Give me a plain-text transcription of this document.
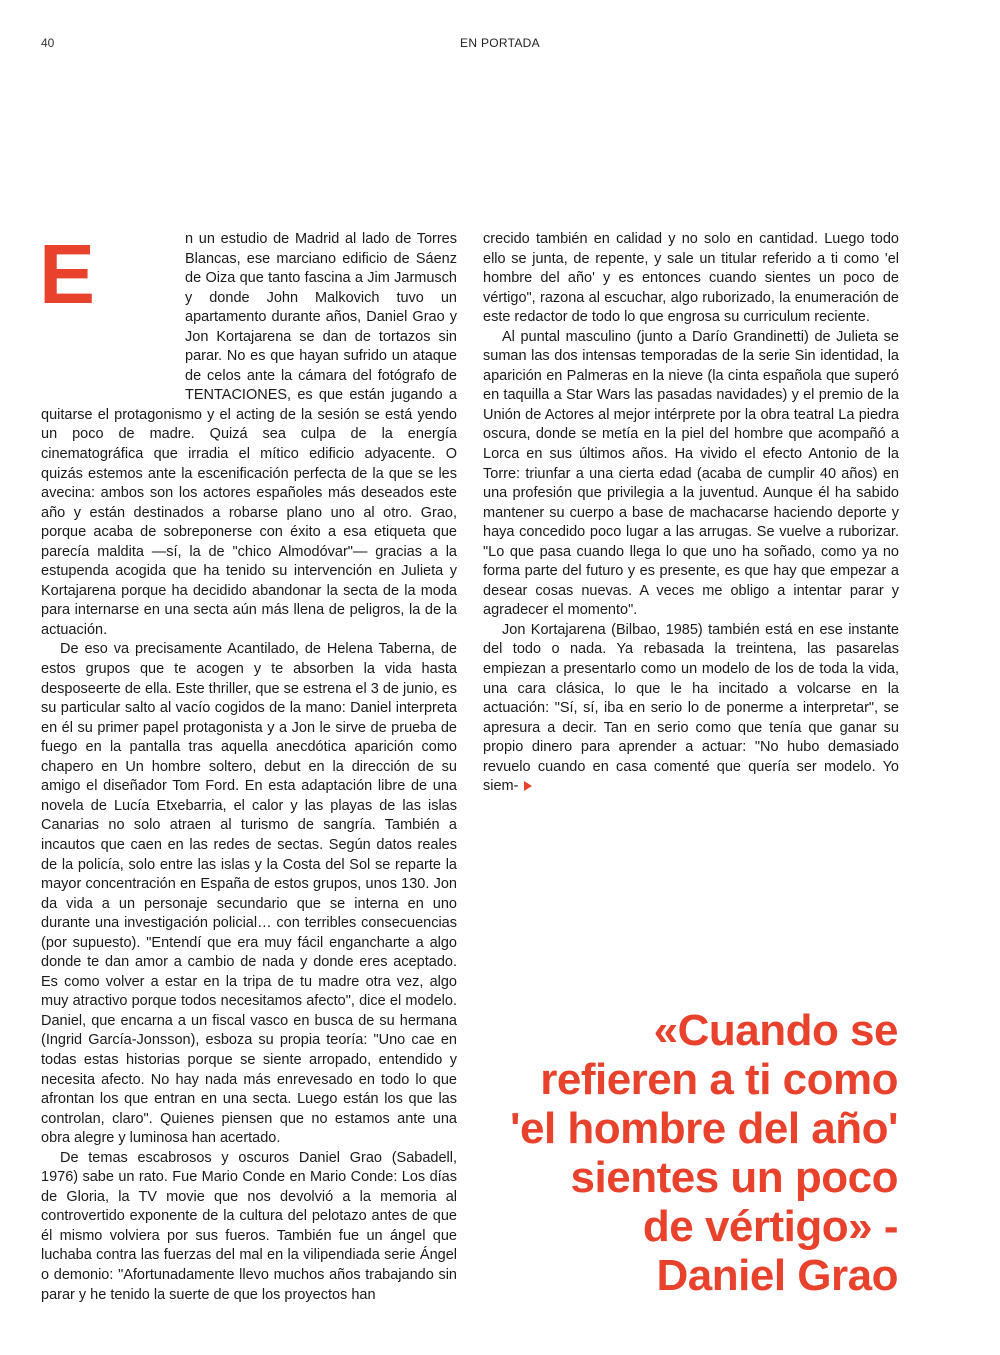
40	EN PORTADA
E	n un estudio de Madrid al lado de Torres Blancas, ese marciano edificio de Sáenz de Oiza que tanto fascina a Jim Jarmusch y donde John Malkovich tuvo un apartamento durante años, Daniel Grao y Jon Kortajarena se dan de tortazos sin parar. No es que hayan sufrido un ataque de celos ante la cámara del fotógrafo de TENTACIONES, es que están jugando a quitarse el protagonismo y el acting de la sesión se está yendo un poco de madre. Quizá sea culpa de la energía cinematográfica que irradia el mítico edificio adyacente. O quizás estemos ante la escenificación perfecta de la que se les avecina: ambos son los actores españoles más deseados este año y están destinados a robarse plano uno al otro. Grao, porque acaba de sobreponerse con éxito a esa etiqueta que parecía maldita —sí, la de "chico Almodóvar"— gracias a la estupenda acogida que ha tenido su intervención en Julieta y Kortajarena porque ha decidido abandonar la secta de la moda para internarse en una secta aún más llena de peligros, la de la actuación.

De eso va precisamente Acantilado, de Helena Taberna, de estos grupos que te acogen y te absorben la vida hasta desposeerte de ella. Este thriller, que se estrena el 3 de junio, es su particular salto al vacío cogidos de la mano: Daniel interpreta en él su primer papel protagonista y a Jon le sirve de prueba de fuego en la pantalla tras aquella anecdótica aparición como chapero en Un hombre soltero, debut en la dirección de su amigo el diseñador Tom Ford. En esta adaptación libre de una novela de Lucía Etxebarria, el calor y las playas de las islas Canarias no solo atraen al turismo de sangría. También a incautos que caen en las redes de sectas. Según datos reales de la policía, solo entre las islas y la Costa del Sol se reparte la mayor concentración en España de estos grupos, unos 130. Jon da vida a un personaje secundario que se interna en uno durante una investigación policial… con terribles consecuencias (por supuesto). "Entendí que era muy fácil engancharte a algo donde te dan amor a cambio de nada y donde eres aceptado. Es como volver a estar en la tripa de tu madre otra vez, algo muy atractivo porque todos necesitamos afecto", dice el modelo. Daniel, que encarna a un fiscal vasco en busca de su hermana (Ingrid García-Jonsson), esboza su propia teoría: "Uno cae en todas estas historias porque se siente arropado, entendido y necesita afecto. No hay nada más enrevesado en todo lo que afrontan los que entran en una secta. Luego están los que las controlan, claro". Quienes piensen que no estamos ante una obra alegre y luminosa han acertado.

De temas escabrosos y oscuros Daniel Grao (Sabadell, 1976) sabe un rato. Fue Mario Conde en Mario Conde: Los días de Gloria, la TV movie que nos devolvió a la memoria al controvertido exponente de la cultura del pelotazo antes de que él mismo volviera por sus fueros. También fue un ángel que luchaba contra las fuerzas del mal en la vilipendiada serie Ángel o demonio: "Afortunadamente llevo muchos años trabajando sin parar y he tenido la suerte de que los proyectos han

crecido también en calidad y no solo en cantidad. Luego todo ello se junta, de repente, y sale un titular referido a ti como 'el hombre del año' y es entonces cuando sientes un poco de vértigo", razona al escuchar, algo ruborizado, la enumeración de este redactor de todo lo que engrosa su curriculum reciente.

Al puntal masculino (junto a Darío Grandinetti) de Julieta se suman las dos intensas temporadas de la serie Sin identidad, la aparición en Palmeras en la nieve (la cinta española que superó en taquilla a Star Wars las pasadas navidades) y el premio de la Unión de Actores al mejor intérprete por la obra teatral La piedra oscura, donde se metía en la piel del hombre que acompañó a Lorca en sus últimos años. Ha vivido el efecto Antonio de la Torre: triunfar a una cierta edad (acaba de cumplir 40 años) en una profesión que privilegia a la juventud. Aunque él ha sabido mantener su cuerpo a base de machacarse haciendo deporte y haya concedido poco lugar a las arrugas. Se vuelve a ruborizar. "Lo que pasa cuando llega lo que uno ha soñado, como ya no forma parte del futuro y es presente, es que hay que empezar a desear cosas nuevas. A veces me obligo a intentar parar y agradecer el momento".

Jon Kortajarena (Bilbao, 1985) también está en ese instante del todo o nada. Ya rebasada la treintena, las pasarelas empiezan a presentarlo como un modelo de los de toda la vida, una cara clásica, lo que le ha incitado a volcarse en la actuación: "Sí, sí, iba en serio lo de ponerme a interpretar", se apresura a decir. Tan en serio como que tenía que ganar su propio dinero para aprender a actuar: "No hubo demasiado revuelo cuando en casa comenté que quería ser modelo. Yo siem-

«Cuando se
refieren a ti como
'el hombre del año'
sientes un poco
de vértigo» -
Daniel Grao
